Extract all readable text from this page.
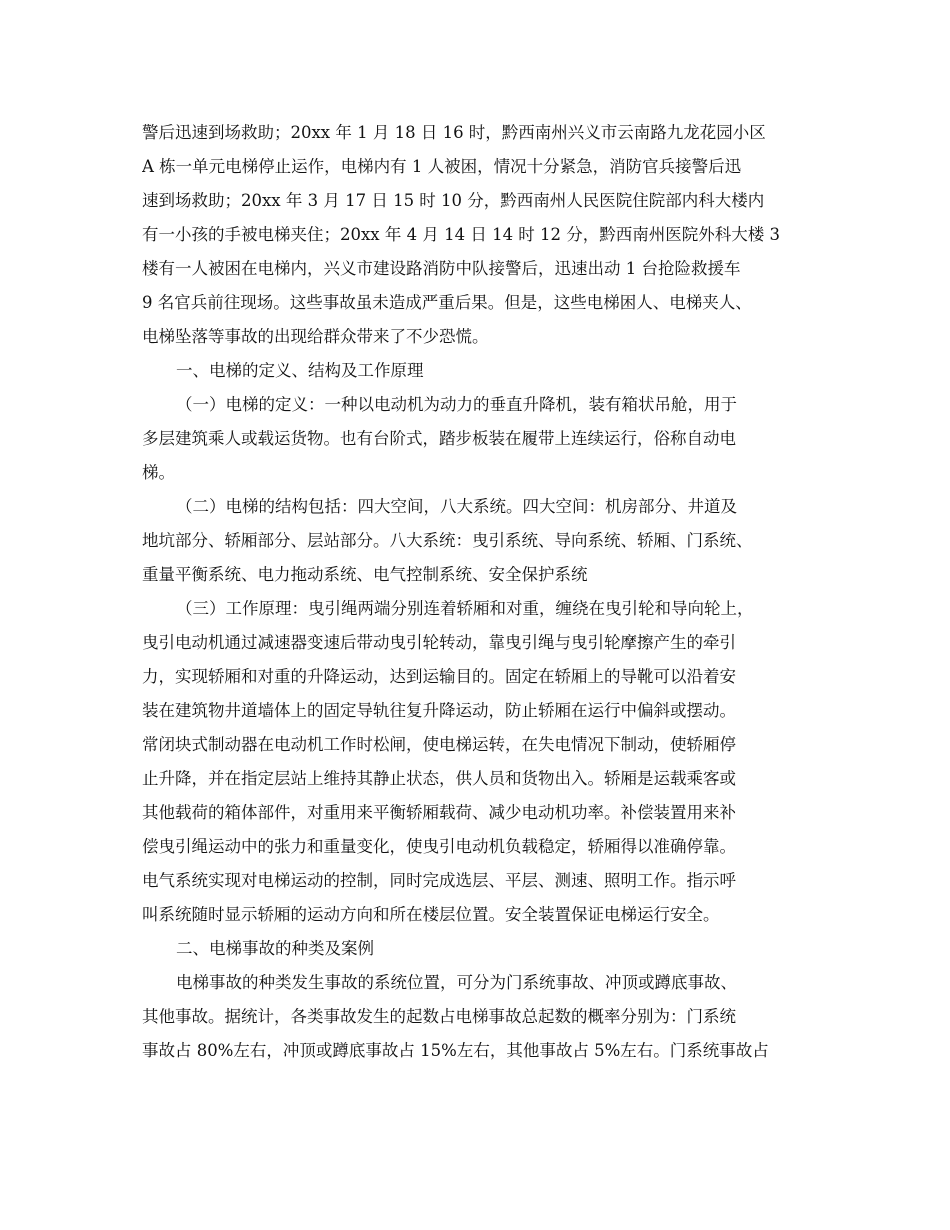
警后迅速到场救助；20xx 年 1 月 18 日 16 时，黔西南州兴义市云南路九龙花园小区
A 栋一单元电梯停止运作，电梯内有 1 人被困，情况十分紧急，消防官兵接警后迅
速到场救助；20xx 年 3 月 17 日 15 时 10 分，黔西南州人民医院住院部内科大楼内
有一小孩的手被电梯夹住；20xx 年 4 月 14 日 14 时 12 分，黔西南州医院外科大楼 3
楼有一人被困在电梯内，兴义市建设路消防中队接警后，迅速出动 1 台抢险救援车
9 名官兵前往现场。这些事故虽未造成严重后果。但是，这些电梯困人、电梯夹人、
电梯坠落等事故的出现给群众带来了不少恐慌。
一、电梯的定义、结构及工作原理
（一）电梯的定义：一种以电动机为动力的垂直升降机，装有箱状吊舱，用于
多层建筑乘人或载运货物。也有台阶式，踏步板装在履带上连续运行，俗称自动电
梯。
（二）电梯的结构包括：四大空间，八大系统。四大空间：机房部分、井道及
地坑部分、轿厢部分、层站部分。八大系统：曳引系统、导向系统、轿厢、门系统、
重量平衡系统、电力拖动系统、电气控制系统、安全保护系统
（三）工作原理：曳引绳两端分别连着轿厢和对重，缠绕在曳引轮和导向轮上，
曳引电动机通过减速器变速后带动曳引轮转动，靠曳引绳与曳引轮摩擦产生的牵引
力，实现轿厢和对重的升降运动，达到运输目的。固定在轿厢上的导靴可以沿着安
装在建筑物井道墙体上的固定导轨往复升降运动，防止轿厢在运行中偏斜或摆动。
常闭块式制动器在电动机工作时松闸，使电梯运转，在失电情况下制动，使轿厢停
止升降，并在指定层站上维持其静止状态，供人员和货物出入。轿厢是运载乘客或
其他载荷的箱体部件，对重用来平衡轿厢载荷、减少电动机功率。补偿装置用来补
偿曳引绳运动中的张力和重量变化，使曳引电动机负载稳定，轿厢得以准确停靠。
电气系统实现对电梯运动的控制，同时完成选层、平层、测速、照明工作。指示呼
叫系统随时显示轿厢的运动方向和所在楼层位置。安全装置保证电梯运行安全。
二、电梯事故的种类及案例
电梯事故的种类发生事故的系统位置，可分为门系统事故、冲顶或蹲底事故、
其他事故。据统计，各类事故发生的起数占电梯事故总起数的概率分别为：门系统
事故占 80%左右，冲顶或蹲底事故占 15%左右，其他事故占 5%左右。门系统事故占
